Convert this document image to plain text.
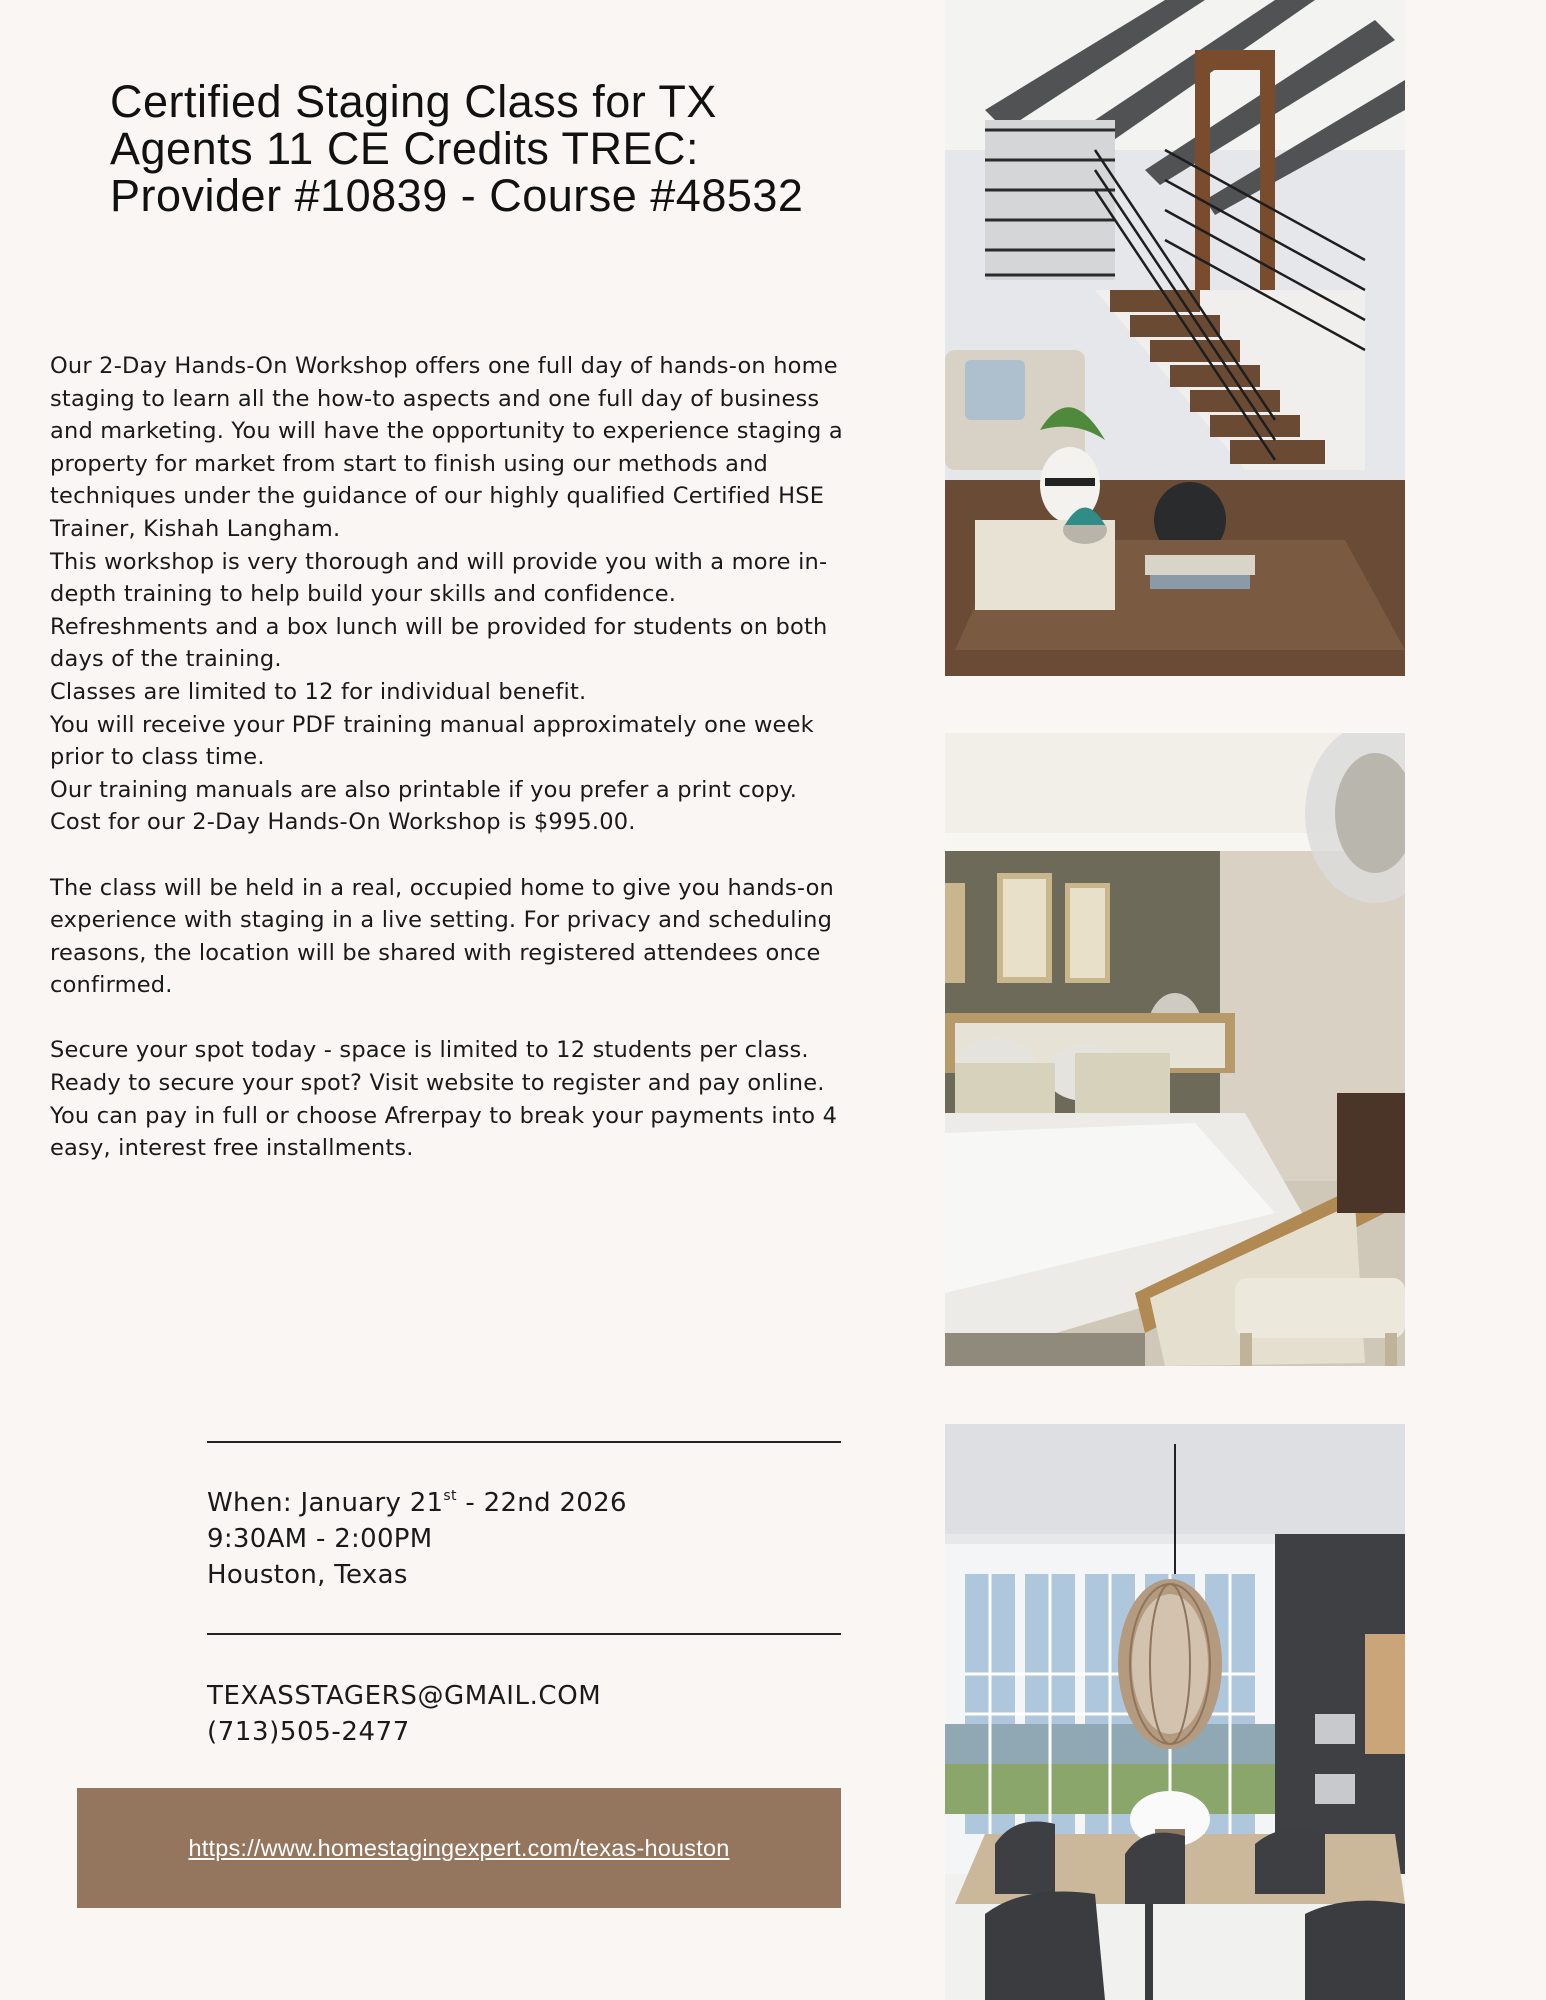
Certified Staging Class for TX Agents 11 CE Credits TREC: Provider #10839 - Course #48532

Our 2-Day Hands-On Workshop offers one full day of hands-on home staging to learn all the how-to aspects and one full day of business and marketing. You will have the opportunity to experience staging a property for market from start to finish using our methods and techniques under the guidance of our highly qualified Certified HSE Trainer, Kishah Langham.

This workshop is very thorough and will provide you with a more in-depth training to help build your skills and confidence.

Refreshments and a box lunch will be provided for students on both days of the training.

Classes are limited to 12 for individual benefit.

You will receive your PDF training manual approximately one week prior to class time.

Our training manuals are also printable if you prefer a print copy.

Cost for our 2-Day Hands-On Workshop is $995.00.

The class will be held in a real, occupied home to give you hands-on experience with staging in a live setting. For privacy and scheduling reasons, the location will be shared with registered attendees once confirmed.

Secure your spot today - space is limited to 12 students per class.

Ready to secure your spot? Visit website to register and pay online. You can pay in full or choose Afrerpay to break your payments into 4 easy, interest free installments.

When: January 21st - 22nd 2026
9:30AM - 2:00PM
Houston, Texas
TEXASSTAGERS@GMAIL.COM
(713)505-2477
https://www.homestagingexpert.com/texas-houston
